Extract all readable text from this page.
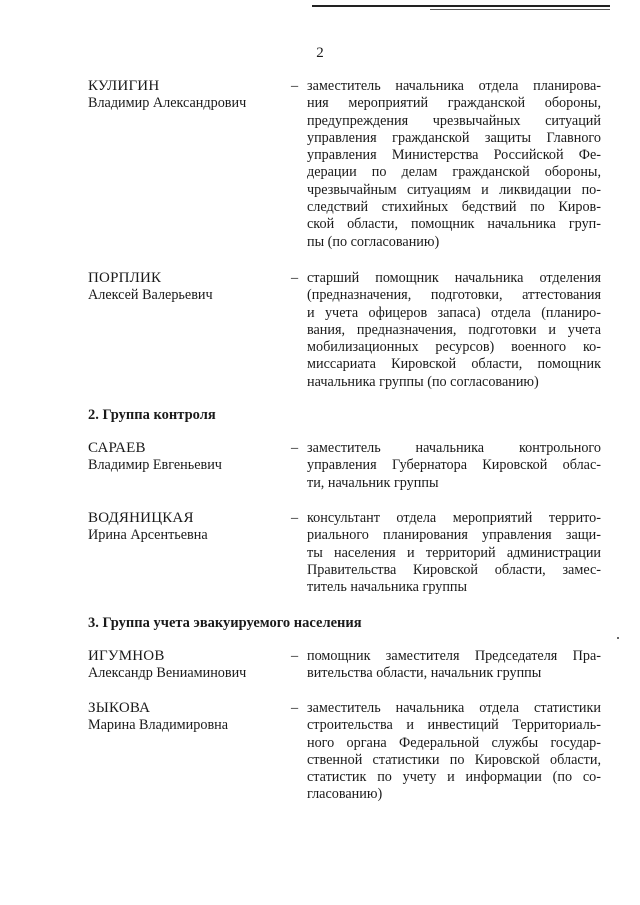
2
КУЛИГИН
Владимир Александрович
– заместитель начальника отдела планирова-
ния мероприятий гражданской обороны,
предупреждения чрезвычайных ситуаций
управления гражданской защиты Главного
управления Министерства Российской Фе-
дерации по делам гражданской обороны,
чрезвычайным ситуациям и ликвидации по-
следствий стихийных бедствий по Киров-
ской области, помощник начальника груп-
пы (по согласованию)
ПОРПЛИК
Алексей Валерьевич
– старший помощник начальника отделения
(предназначения, подготовки, аттестования
и учета офицеров запаса) отдела (планиро-
вания, предназначения, подготовки и учета
мобилизационных ресурсов) военного ко-
миссариата Кировской области, помощник
начальника группы (по согласованию)
2. Группа контроля
САРАЕВ
Владимир Евгеньевич
– заместитель начальника контрольного
управления Губернатора Кировской облас-
ти, начальник группы
ВОДЯНИЦКАЯ
Ирина Арсентьевна
– консультант отдела мероприятий террито-
риального планирования управления защи-
ты населения и территорий администрации
Правительства Кировской области, замес-
титель начальника группы
3. Группа учета эвакуируемого населения
ИГУМНОВ
Александр Вениаминович
– помощник заместителя Председателя Пра-
вительства области, начальник группы
ЗЫКОВА
Марина Владимировна
– заместитель начальника отдела статистики
строительства и инвестиций Территориаль-
ного органа Федеральной службы государ-
ственной статистики по Кировской области,
статистик по учету и информации (по со-
гласованию)
